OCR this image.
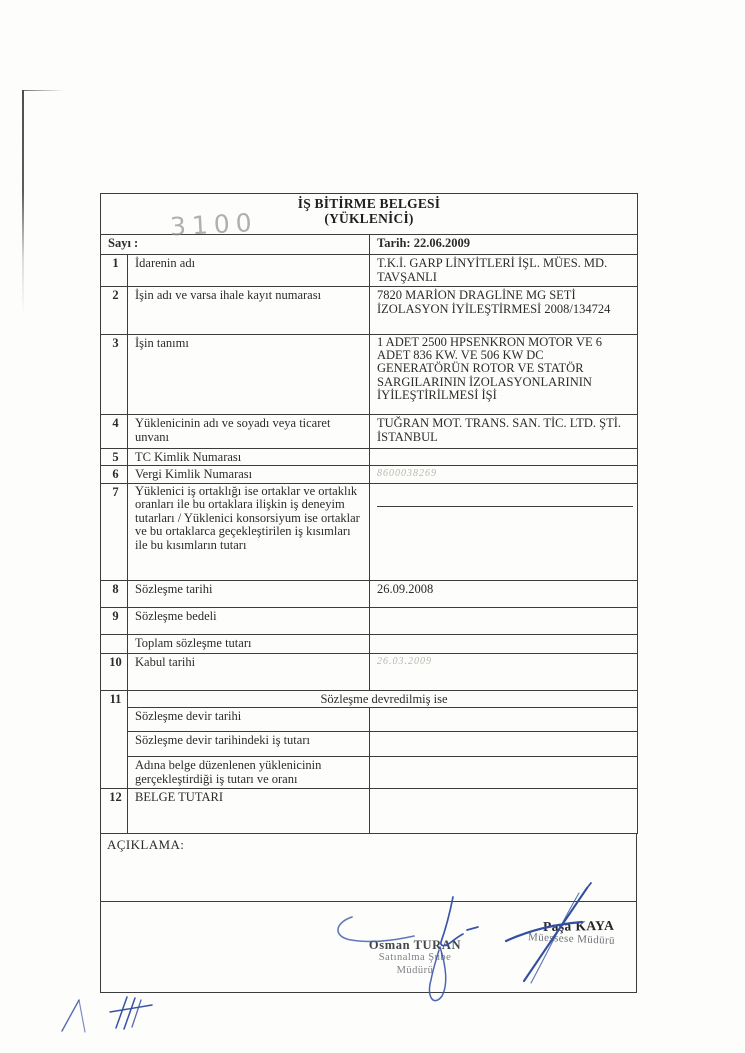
İŞ BİTİRME BELGESİ
(YÜKLENİCİ)		

Sayı :		Tarih: 22.06.2009
1	İdarenin adı	T.K.İ. GARP LİNYİTLERİ İŞL. MÜES. MD. TAVŞANLI
2	İşin adı ve varsa ihale kayıt numarası	7820 MARİON DRAGLİNE MG SETİ İZOLASYON İYİLEŞTİRMESİ 2008/134724
3	İşin tanımı	1 ADET 2500 HPSENKRON MOTOR VE 6 ADET 836 KW. VE 506 KW DC GENERATÖRÜN ROTOR VE STATÖR SARGILARININ İZOLASYONLARININ İYİLEŞTİRİLMESİ İŞİ
4	Yüklenicinin adı ve soyadı veya ticaret unvanı	TUĞRAN MOT. TRANS. SAN. TİC. LTD. ŞTİ. İSTANBUL
5	TC Kimlik Numarası	
6	Vergi Kimlik Numarası	8600038269
7	Yüklenici iş ortaklığı ise ortaklar ve ortaklık oranları ile bu ortaklara ilişkin iş deneyim tutarları / Yüklenici konsorsiyum ise ortaklar ve bu ortaklarca geçekleştirilen iş kısımları ile bu kısımların tutarı	

8	Sözleşme tarihi	26.09.2008
9	Sözleşme bedeli	
	Toplam sözleşme tutarı	
10	Kabul tarihi	26.03.2009
11	Sözleşme devredilmiş ise	
	Sözleşme devir tarihi	
	Sözleşme devir tarihindeki iş tutarı	
	Adına belge düzenlenen yüklenicinin gerçekleştirdiği iş tutarı ve oranı	
12	BELGE TUTARI	
AÇIKLAMA:
3100
Osman TURAN
Satınalma Şube
Müdürü
Paşa KAYA
Müessese Müdürü
